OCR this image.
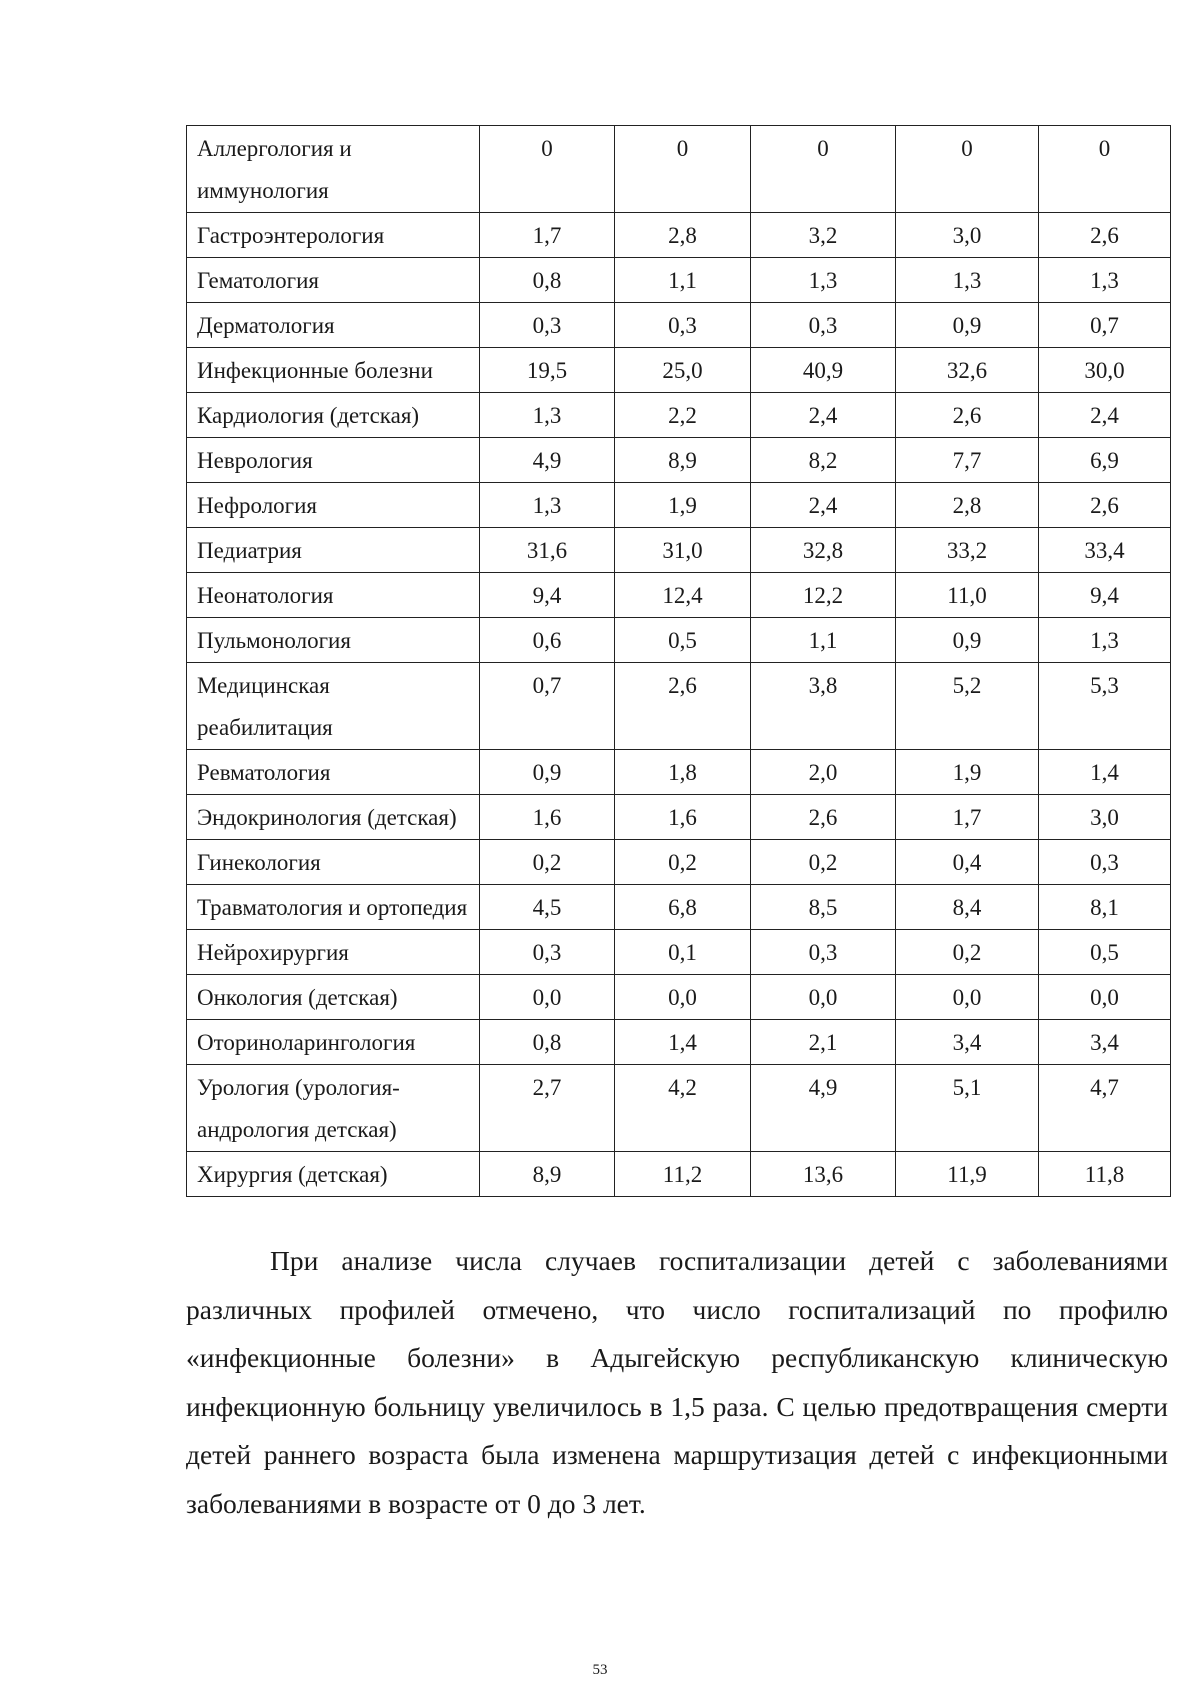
Аллергология и иммунология	0	0	0	0	0
Гастроэнтерология	1,7	2,8	3,2	3,0	2,6
Гематология	0,8	1,1	1,3	1,3	1,3
Дерматология	0,3	0,3	0,3	0,9	0,7
Инфекционные болезни	19,5	25,0	40,9	32,6	30,0
Кардиология (детская)	1,3	2,2	2,4	2,6	2,4
Неврология	4,9	8,9	8,2	7,7	6,9
Нефрология	1,3	1,9	2,4	2,8	2,6
Педиатрия	31,6	31,0	32,8	33,2	33,4
Неонатология	9,4	12,4	12,2	11,0	9,4
Пульмонология	0,6	0,5	1,1	0,9	1,3
Медицинская реабилитация	0,7	2,6	3,8	5,2	5,3
Ревматология	0,9	1,8	2,0	1,9	1,4
Эндокринология (детская)	1,6	1,6	2,6	1,7	3,0
Гинекология	0,2	0,2	0,2	0,4	0,3
Травматология и ортопедия	4,5	6,8	8,5	8,4	8,1
Нейрохирургия	0,3	0,1	0,3	0,2	0,5
Онкология (детская)	0,0	0,0	0,0	0,0	0,0
Оториноларингология	0,8	1,4	2,1	3,4	3,4
Урология (урология-андрология детская)	2,7	4,2	4,9	5,1	4,7
Хирургия (детская)	8,9	11,2	13,6	11,9	11,8

При анализе числа случаев госпитализации детей с заболеваниями различных профилей отмечено, что число госпитализаций по профилю «инфекционные болезни» в Адыгейскую республиканскую клиническую инфекционную больницу увеличилось в 1,5 раза. С целью предотвращения смерти детей раннего возраста была изменена маршрутизация детей с инфекционными заболеваниями в возрасте от 0 до 3 лет.

53
